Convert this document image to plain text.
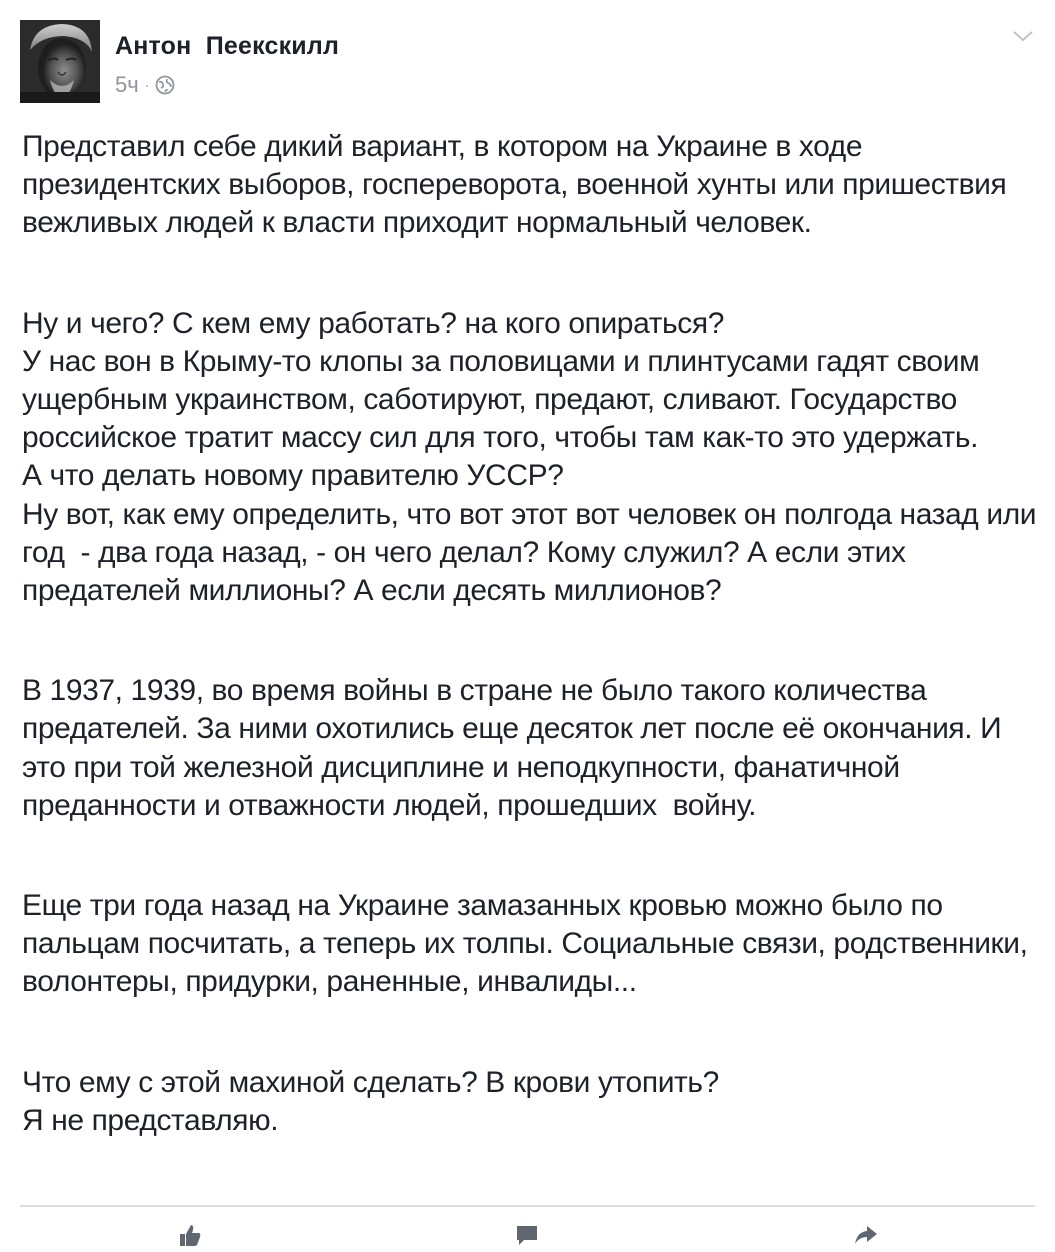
Антон  Пеекскилл
5ч ·

Представил себе дикий вариант, в котором на Украине в ходе президентских выборов, госпереворота, военной хунты или пришествия вежливых людей к власти приходит нормальный человек.

Ну и чего? С кем ему работать? на кого опираться?

У нас вон в Крыму-то клопы за половицами и плинтусами гадят своим ущербным украинством, саботируют, предают, сливают. Государство российское тратит массу сил для того, чтобы там как-то это удержать.

А что делать новому правителю УССР?

Ну вот, как ему определить, что вот этот вот человек он полгода назад или год  - два года назад, - он чего делал? Кому служил? А если этих предателей миллионы? А если десять миллионов?

В 1937, 1939, во время войны в стране не было такого количества предателей. За ними охотились еще десяток лет после её окончания. И это при той железной дисциплине и неподкупности, фанатичной преданности и отважности людей, прошедших  войну.

Еще три года назад на Украине замазанных кровью можно было по пальцам посчитать, а теперь их толпы. Социальные связи, родственники, волонтеры, придурки, раненные, инвалиды...

Что ему с этой махиной сделать? В крови утопить?

Я не представляю.
